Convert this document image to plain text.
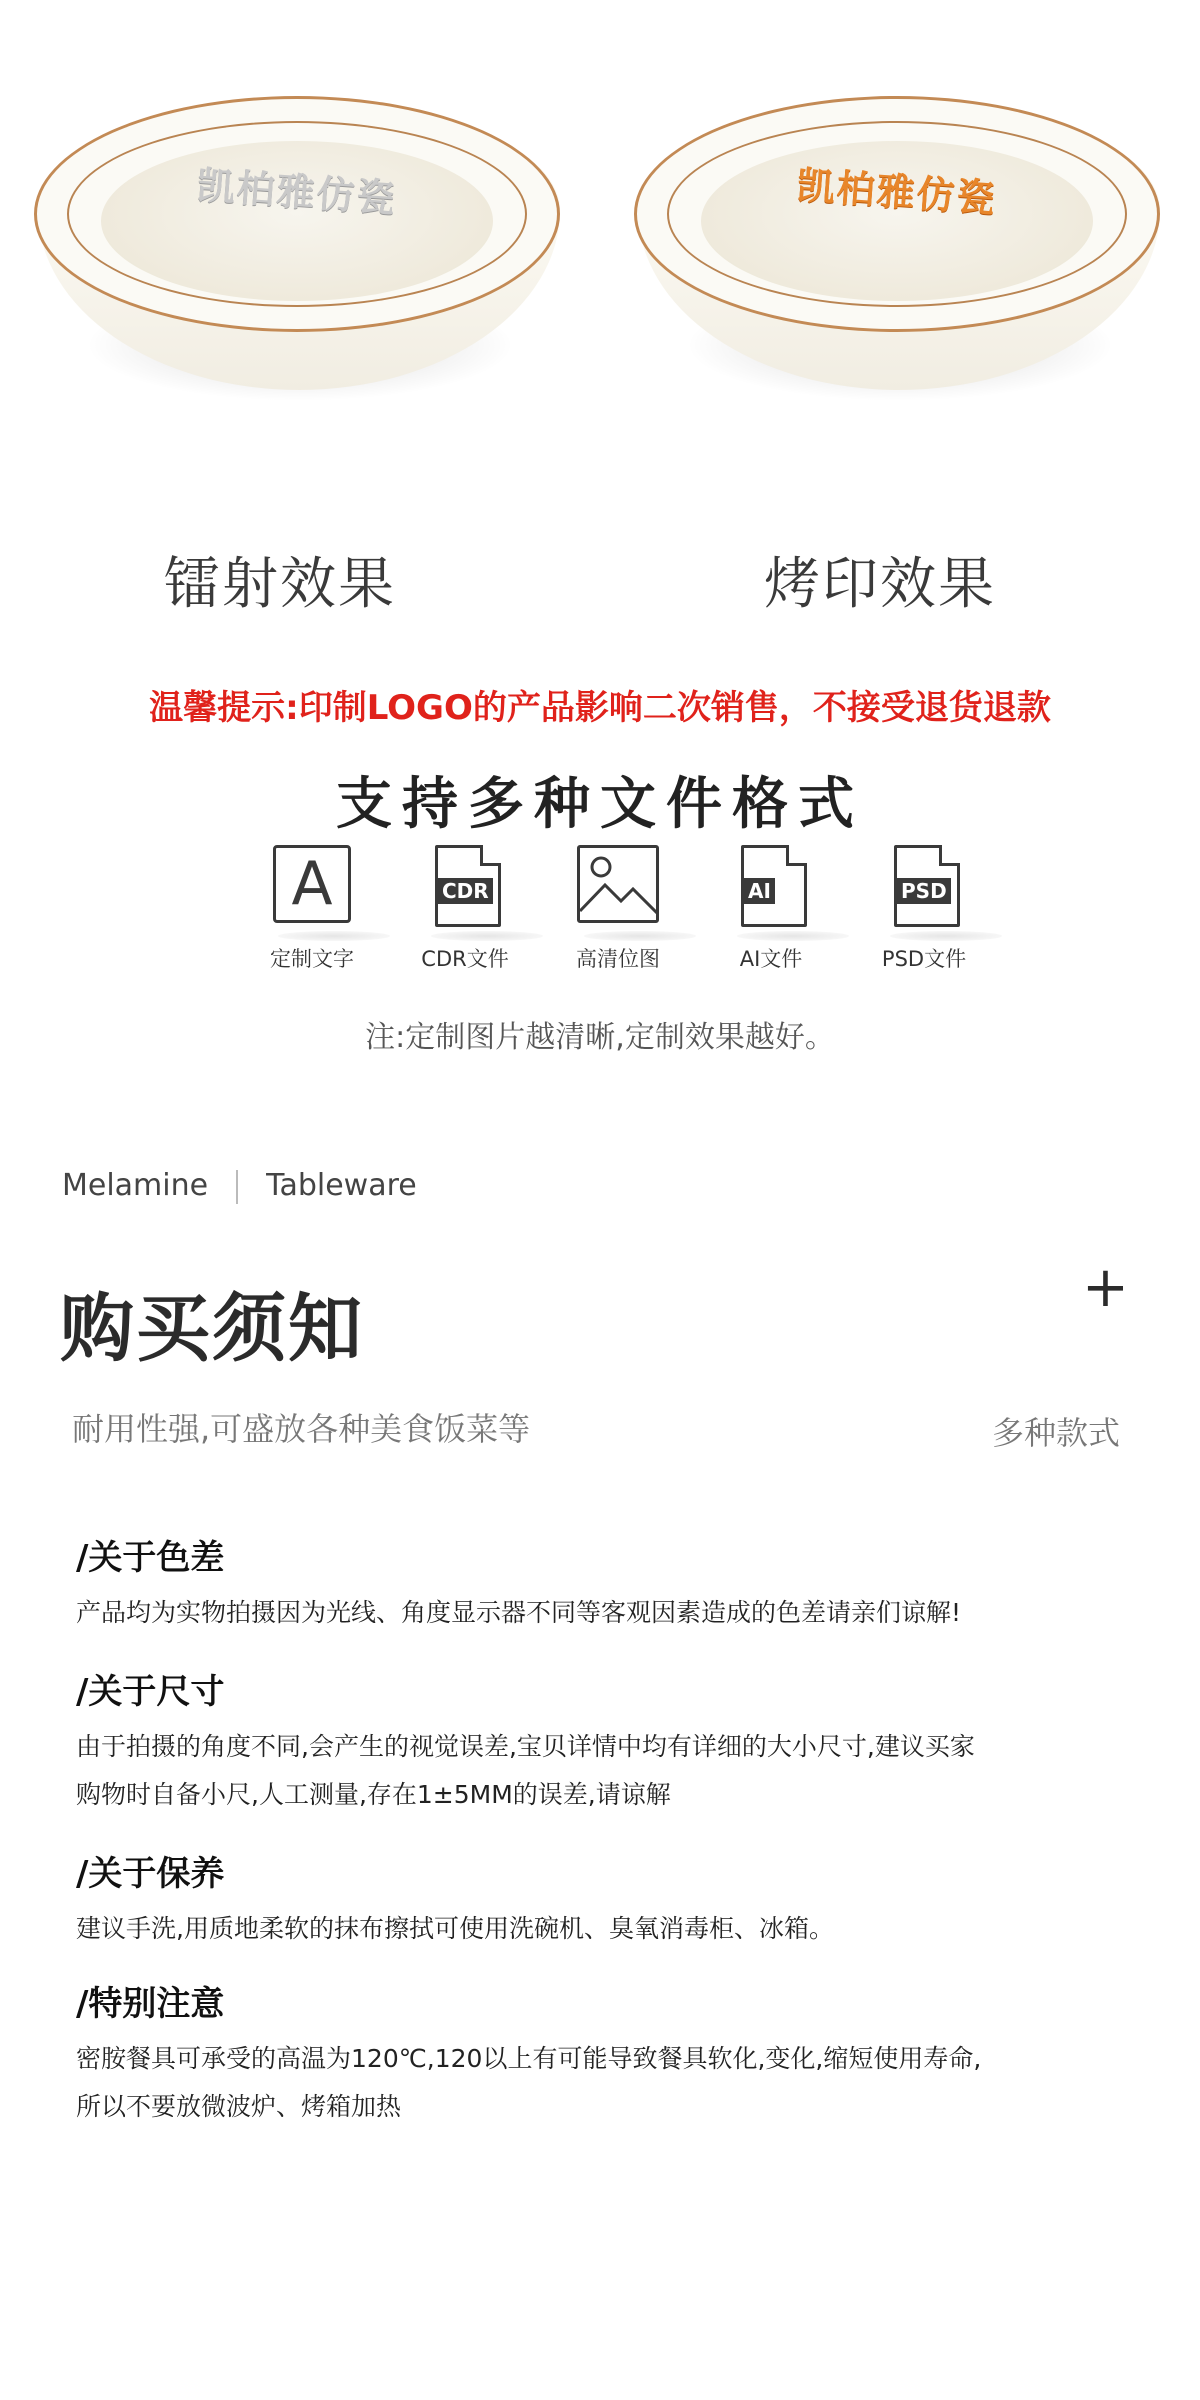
凯柏雅仿瓷	凯柏雅仿瓷
镭射效果	烤印效果
温馨提示:印制LOGO的产品影响二次销售，不接受退货退款
支持多种文件格式
A
定制文字
CDR
CDR文件	高清位图
AI
AI文件
PSD
PSD文件
注:定制图片越清晰,定制效果越好。
Melamine Tableware
购买须知	+
耐用性强,可盛放各种美食饭菜等	多种款式
/关于色差

产品均为实物拍摄因为光线、角度显示器不同等客观因素造成的色差请亲们谅解!

/关于尺寸

由于拍摄的角度不同,会产生的视觉误差,宝贝详情中均有详细的大小尺寸,建议买家
购物时自备小尺,人工测量,存在1±5MM的误差,请谅解

/关于保养

建议手洗,用质地柔软的抹布擦拭可使用洗碗机、臭氧消毒柜、冰箱。

/特别注意

密胺餐具可承受的高温为120℃,120以上有可能导致餐具软化,变化,缩短使用寿命,
所以不要放微波炉、烤箱加热
